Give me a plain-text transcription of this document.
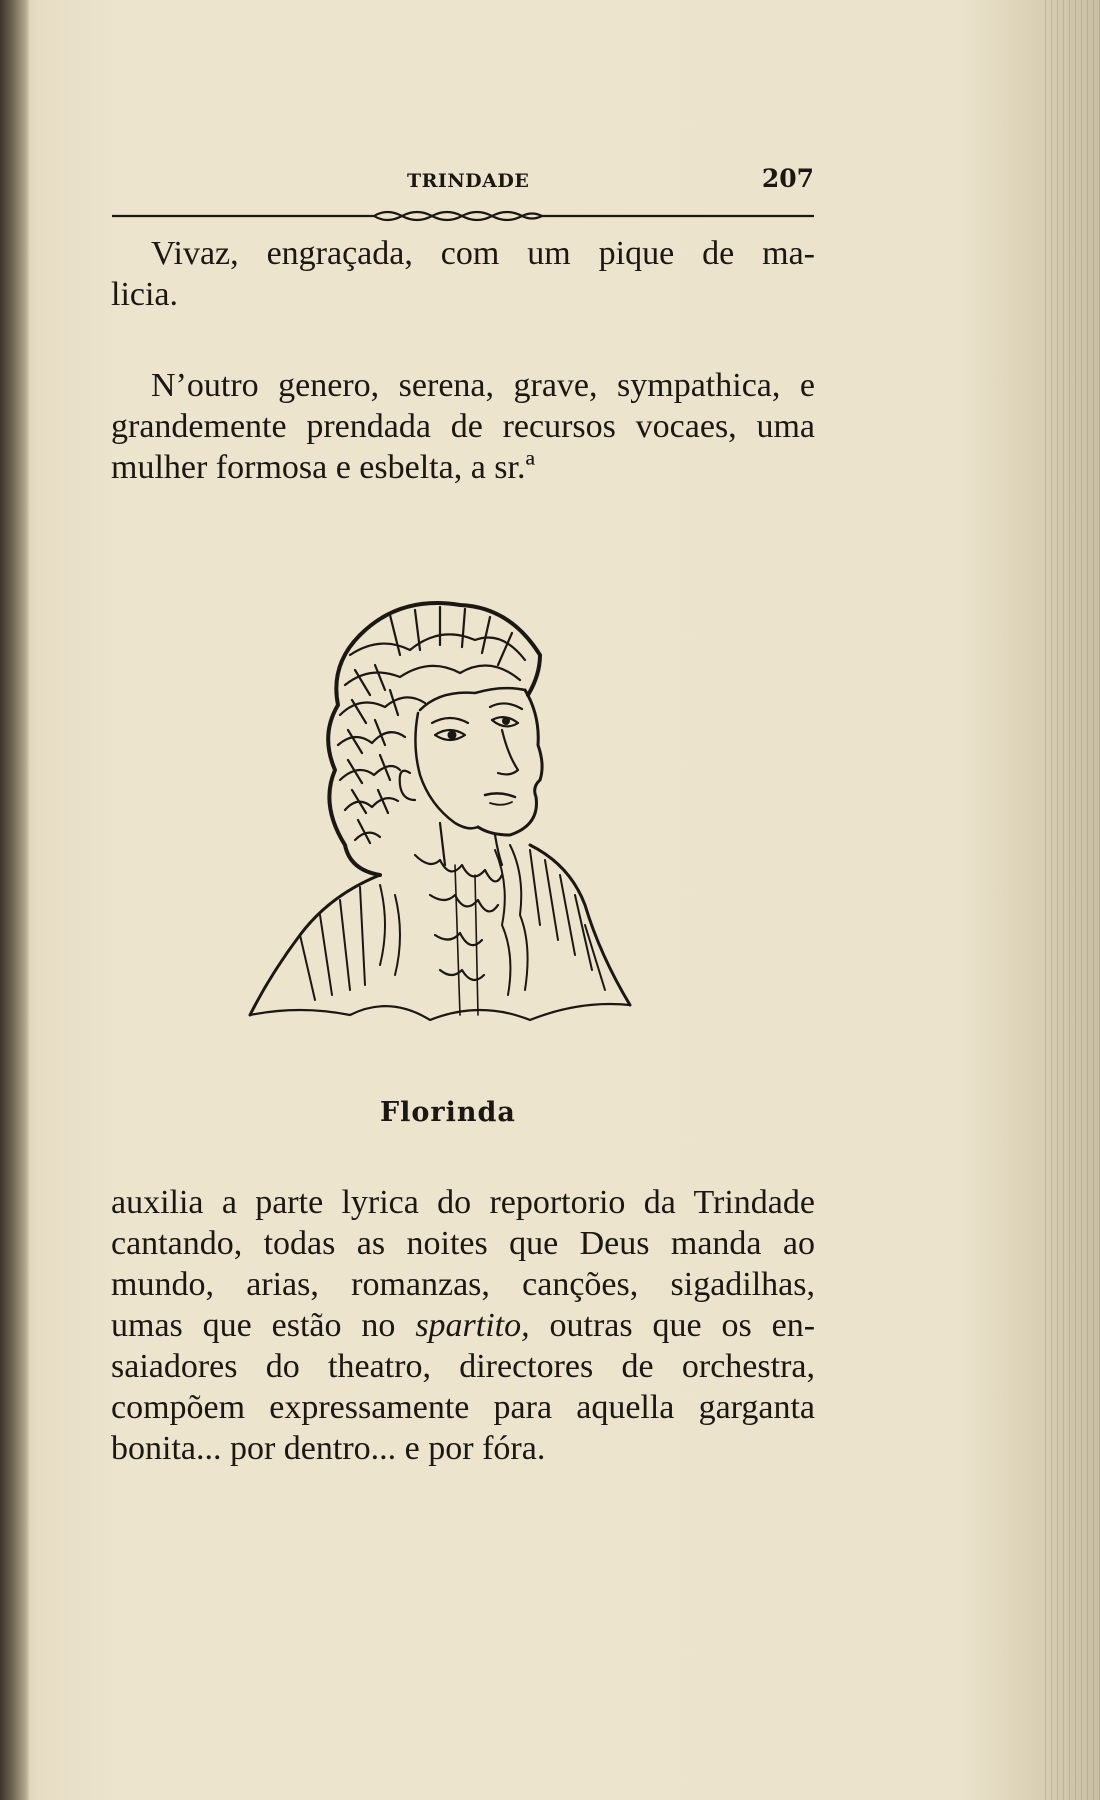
TRINDADE	207
Vivaz, engraçada, com um pique de ma-
licia.
N’outro genero, serena, grave, sympathica, e
grandemente prendada de recursos vocaes, uma
mulher formosa e esbelta, a sr.ª
Florinda
auxilia a parte lyrica do reportorio da Trindade
cantando, todas as noites que Deus manda ao
mundo, arias, romanzas, canções, sigadilhas,
umas que estão no spartito, outras que os en-
saiadores do theatro, directores de orchestra,
compõem expressamente para aquella garganta
bonita... por dentro... e por fóra.
